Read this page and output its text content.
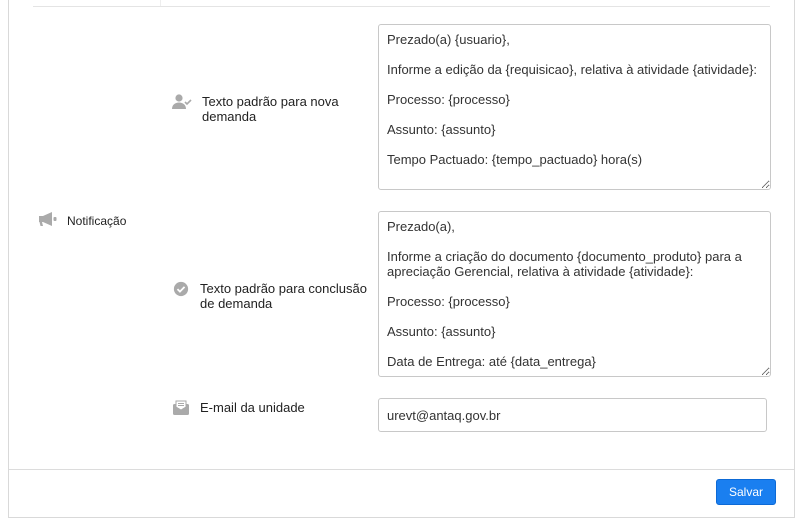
Notificação
Texto padrão para nova demanda
Prezado(a) {usuario}, Informe a edição da {requisicao}, relativa à atividade {atividade}: Processo: {processo} Assunto: {assunto} Tempo Pactuado: {tempo_pactuado} hora(s)
Texto padrão para conclusão de demanda
Prezado(a), Informe a criação do documento {documento_produto} para a apreciação Gerencial, relativa à atividade {atividade}: Processo: {processo} Assunto: {assunto} Data de Entrega: até {data_entrega}
E-mail da unidade
urevt@antaq.gov.br
Salvar
